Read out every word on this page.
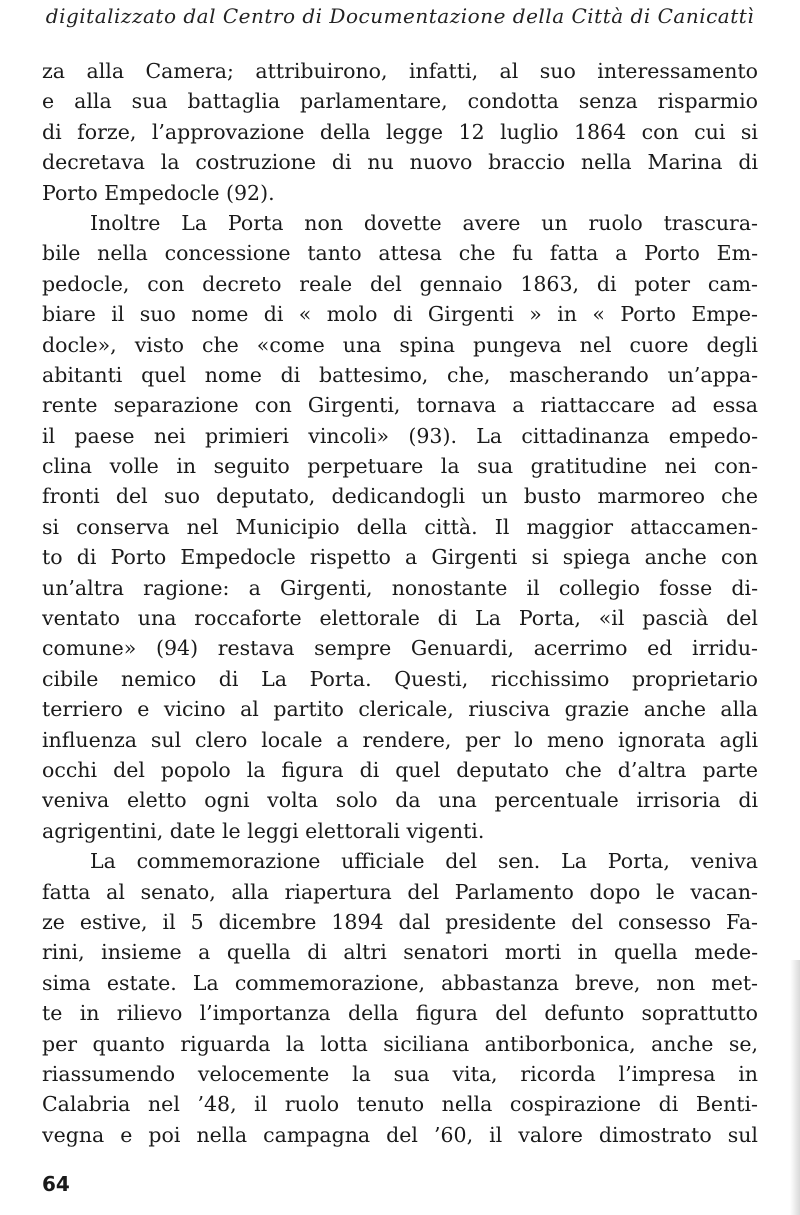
digitalizzato dal Centro di Documentazione della Città di Canicattì
za alla Camera; attribuirono, infatti, al suo interessamento
e alla sua battaglia parlamentare, condotta senza risparmio
di forze, l’approvazione della legge 12 luglio 1864 con cui si
decretava la costruzione di nu nuovo braccio nella Marina di
Porto Empedocle (92).
Inoltre La Porta non dovette avere un ruolo trascura-
bile nella concessione tanto attesa che fu fatta a Porto Em-
pedocle, con decreto reale del gennaio 1863, di poter cam-
biare il suo nome di « molo di Girgenti » in « Porto Empe-
docle», visto che «come una spina pungeva nel cuore degli
abitanti quel nome di battesimo, che, mascherando un’appa-
rente separazione con Girgenti, tornava a riattaccare ad essa
il paese nei primieri vincoli» (93). La cittadinanza empedo-
clina volle in seguito perpetuare la sua gratitudine nei con-
fronti del suo deputato, dedicandogli un busto marmoreo che
si conserva nel Municipio della città. Il maggior attaccamen-
to di Porto Empedocle rispetto a Girgenti si spiega anche con
un’altra ragione: a Girgenti, nonostante il collegio fosse di-
ventato una roccaforte elettorale di La Porta, «il pascià del
comune» (94) restava sempre Genuardi, acerrimo ed irridu-
cibile nemico di La Porta. Questi, ricchissimo proprietario
terriero e vicino al partito clericale, riusciva grazie anche alla
influenza sul clero locale a rendere, per lo meno ignorata agli
occhi del popolo la figura di quel deputato che d’altra parte
veniva eletto ogni volta solo da una percentuale irrisoria di
agrigentini, date le leggi elettorali vigenti.
La commemorazione ufficiale del sen. La Porta, veniva
fatta al senato, alla riapertura del Parlamento dopo le vacan-
ze estive, il 5 dicembre 1894 dal presidente del consesso Fa-
rini, insieme a quella di altri senatori morti in quella mede-
sima estate. La commemorazione, abbastanza breve, non met-
te in rilievo l’importanza della figura del defunto soprattutto
per quanto riguarda la lotta siciliana antiborbonica, anche se,
riassumendo velocemente la sua vita, ricorda l’impresa in
Calabria nel ’48, il ruolo tenuto nella cospirazione di Benti-
vegna e poi nella campagna del ’60, il valore dimostrato sul
64
